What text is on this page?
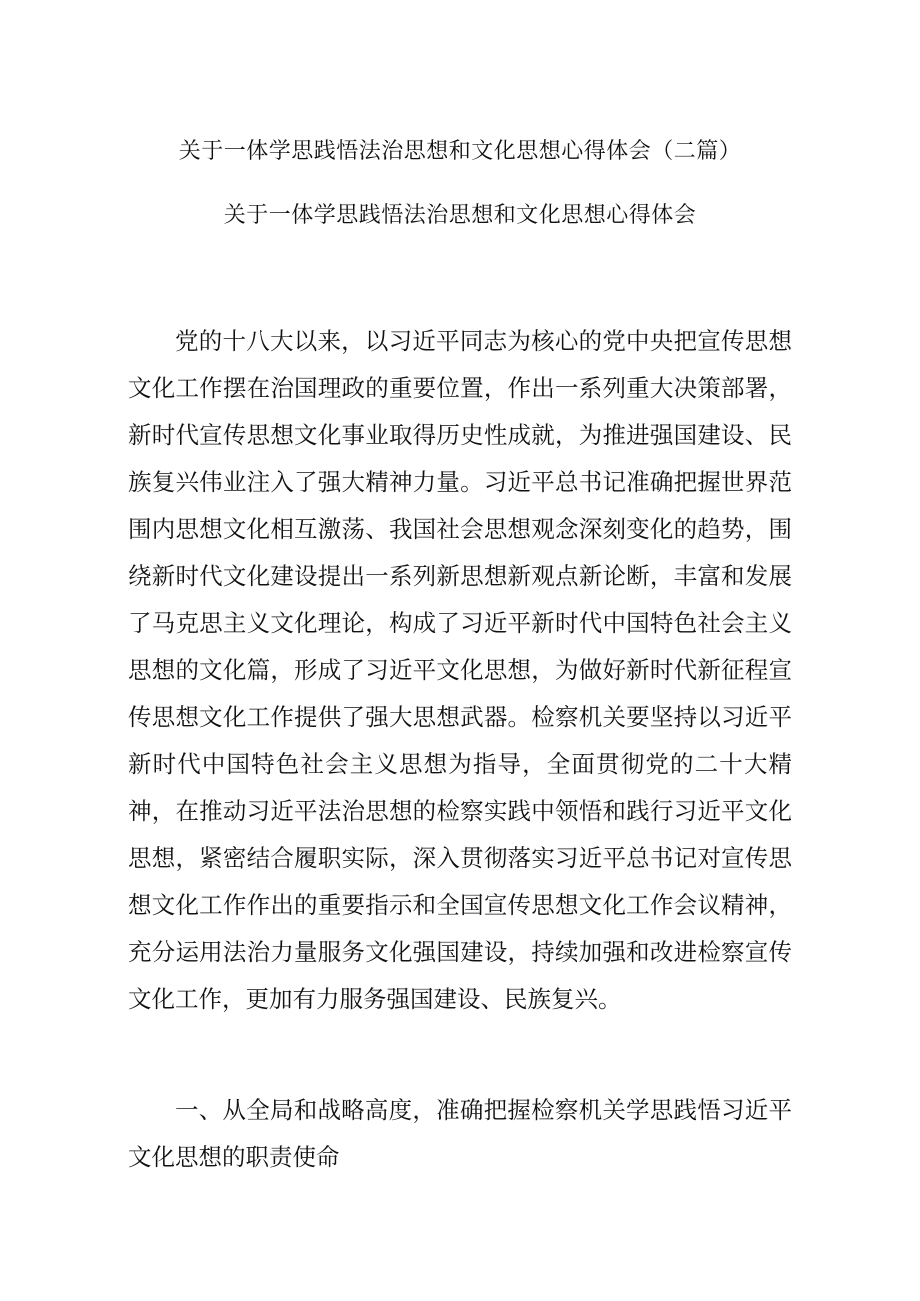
关于一体学思践悟法治思想和文化思想心得体会（二篇）
关于一体学思践悟法治思想和文化思想心得体会

党的十八大以来，以习近平同志为核心的党中央把宣传思想文化工作摆在治国理政的重要位置，作出一系列重大决策部署，新时代宣传思想文化事业取得历史性成就，为推进强国建设、民族复兴伟业注入了强大精神力量。习近平总书记准确把握世界范围内思想文化相互激荡、我国社会思想观念深刻变化的趋势，围绕新时代文化建设提出一系列新思想新观点新论断，丰富和发展了马克思主义文化理论，构成了习近平新时代中国特色社会主义思想的文化篇，形成了习近平文化思想，为做好新时代新征程宣传思想文化工作提供了强大思想武器。检察机关要坚持以习近平新时代中国特色社会主义思想为指导，全面贯彻党的二十大精神，在推动习近平法治思想的检察实践中领悟和践行习近平文化思想，紧密结合履职实际，深入贯彻落实习近平总书记对宣传思想文化工作作出的重要指示和全国宣传思想文化工作会议精神，充分运用法治力量服务文化强国建设，持续加强和改进检察宣传文化工作，更加有力服务强国建设、民族复兴。

一、从全局和战略高度，准确把握检察机关学思践悟习近平文化思想的职责使命
